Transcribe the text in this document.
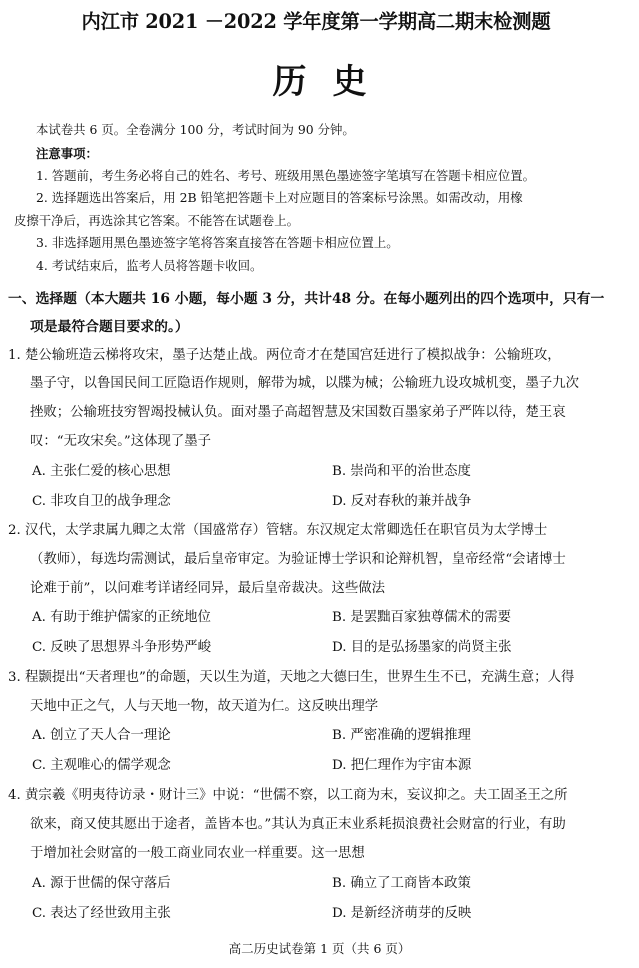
内江市 2021 －2022 学年度第一学期高二期末检测题
历史
本试卷共 6 页。全卷满分 100 分，考试时间为 90 分钟。
注意事项：
1. 答题前，考生务必将自己的姓名、考号、班级用黑色墨迹签字笔填写在答题卡相应位置。
2. 选择题选出答案后，用 2B 铅笔把答题卡上对应题目的答案标号涂黑。如需改动，用橡
皮擦干净后，再选涂其它答案。不能答在试题卷上。
3. 非选择题用黑色墨迹签字笔将答案直接答在答题卡相应位置上。
4. 考试结束后，监考人员将答题卡收回。
一、选择题（本大题共 16 小题，每小题 3 分，共计48 分。在每小题列出的四个选项中，只有一
项是最符合题目要求的。）
1. 楚公输班造云梯将攻宋，墨子达楚止战。两位奇才在楚国宫廷进行了模拟战争：公输班攻，
墨子守，以鲁国民间工匠隐语作规则，解带为城，以牒为械；公输班九设攻城机变，墨子九次
挫败；公输班技穷智竭投械认负。面对墨子高超智慧及宋国数百墨家弟子严阵以待，楚王哀
叹：“无攻宋矣。”这体现了墨子
A. 主张仁爱的核心思想	B. 崇尚和平的治世态度
C. 非攻自卫的战争理念	D. 反对春秋的兼并战争
2. 汉代，太学隶属九卿之太常（国盛常存）管辖。东汉规定太常卿选任在职官员为太学博士
（教师），每选均需测试，最后皇帝审定。为验证博士学识和论辩机智，皇帝经常“会诸博士
论难于前”，以问难考详诸经同异，最后皇帝裁决。这些做法
A. 有助于维护儒家的正统地位	B. 是罢黜百家独尊儒术的需要
C. 反映了思想界斗争形势严峻	D. 目的是弘扬墨家的尚贤主张
3. 程颢提出“天者理也”的命题，天以生为道，天地之大德曰生，世界生生不已，充满生意；人得
天地中正之气，人与天地一物，故天道为仁。这反映出理学
A. 创立了天人合一理论	B. 严密准确的逻辑推理
C. 主观唯心的儒学观念	D. 把仁理作为宇宙本源
4. 黄宗羲《明夷待访录・财计三》中说：“世儒不察，以工商为末，妄议抑之。夫工固圣王之所
欲来，商又使其愿出于途者，盖皆本也。”其认为真正末业系耗损浪费社会财富的行业，有助
于增加社会财富的一般工商业同农业一样重要。这一思想
A. 源于世儒的保守落后	B. 确立了工商皆本政策
C. 表达了经世致用主张	D. 是新经济萌芽的反映
高二历史试卷第 1 页（共 6 页）
